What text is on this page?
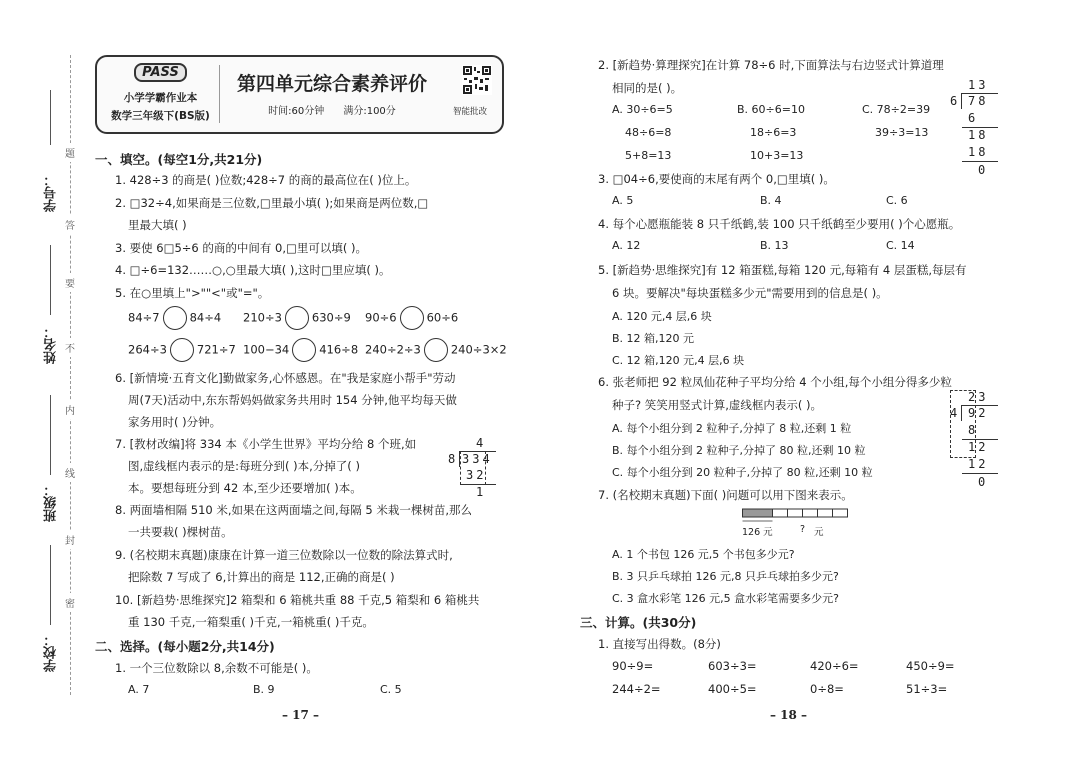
学号：
姓名：
班级：
学校：
题
答
要
不
内
线
封
密
PASS
小学学霸作业本
数学三年级下(BS版)
第四单元综合素养评价
时间:60分钟 满分:100分	智能批改
一、填空。(每空1分,共21分)
1. 428÷3 的商是( )位数;428÷7 的商的最高位在( )位上。
2. □32÷4,如果商是三位数,□里最小填( );如果商是两位数,□
里最大填( )
3. 要使 6□5÷6 的商的中间有 0,□里可以填( )。
4. □÷6=132……○,○里最大填( ),这时□里应填( )。
5. 在○里填上">""<"或"="。
84÷7	84÷4 210÷3	630÷9 90÷6	60÷6
264÷3	721÷7 100−34	416÷8 240÷2÷3	240÷3×2
6. [新情境·五育文化]勤做家务,心怀感恩。在"我是家庭小帮手"劳动
周(7天)活动中,东东帮妈妈做家务共用时 154 分钟,他平均每天做
家务用时( )分钟。
7. [教材改编]将 334 本《小学生世界》平均分给 8 个班,如
图,虚线框内表示的是:每班分到( )本,分掉了( )
本。要想每班分到 42 本,至少还要增加( )本。
4
8 334
32
1
8. 两面墙相隔 510 米,如果在这两面墙之间,每隔 5 米栽一棵树苗,那么
一共要栽( )棵树苗。
9. (名校期末真题)康康在计算一道三位数除以一位数的除法算式时,
把除数 7 写成了 6,计算出的商是 112,正确的商是( )
10. [新趋势·思维探究]2 箱梨和 6 箱桃共重 88 千克,5 箱梨和 6 箱桃共
重 130 千克,一箱梨重( )千克,一箱桃重( )千克。
二、选择。(每小题2分,共14分)
1. 一个三位数除以 8,余数不可能是( )。
A. 7	B. 9	C. 5
– 17 –
2. [新趋势·算理探究]在计算 78÷6 时,下面算法与右边竖式计算道理
相同的是( )。
A. 30÷6=5	B. 60÷6=10	C. 78÷2=39
48÷6=8	18÷6=3	39÷3=13
5+8=13	10+3=13
13
6 78
6
18
18
0
3. □04÷6,要使商的末尾有两个 0,□里填( )。
A. 5	B. 4	C. 6
4. 每个心愿瓶能装 8 只千纸鹤,装 100 只千纸鹤至少要用( )个心愿瓶。
A. 12	B. 13	C. 14
5. [新趋势·思维探究]有 12 箱蛋糕,每箱 120 元,每箱有 4 层蛋糕,每层有
6 块。要解决"每块蛋糕多少元"需要用到的信息是( )。
A. 120 元,4 层,6 块
B. 12 箱,120 元
C. 12 箱,120 元,4 层,6 块
6. 张老师把 92 粒凤仙花种子平均分给 4 个小组,每个小组分得多少粒
种子? 笑笑用竖式计算,虚线框内表示( )。
A. 每个小组分到 2 粒种子,分掉了 8 粒,还剩 1 粒
B. 每个小组分到 2 粒种子,分掉了 80 粒,还剩 10 粒
C. 每个小组分到 20 粒种子,分掉了 80 粒,还剩 10 粒
23
4 92
8
12
12
0
7. (名校期末真题)下面( )问题可以用下图来表示。
A. 1 个书包 126 元,5 个书包多少元?
B. 3 只乒乓球拍 126 元,8 只乒乓球拍多少元?
C. 3 盒水彩笔 126 元,5 盒水彩笔需要多少元?
三、计算。(共30分)
1. 直接写出得数。(8分)
90÷9=	603÷3=	420÷6=	450÷9=
244÷2=	400÷5=	0÷8=	51÷3=
– 18 –
126 元	? 元
